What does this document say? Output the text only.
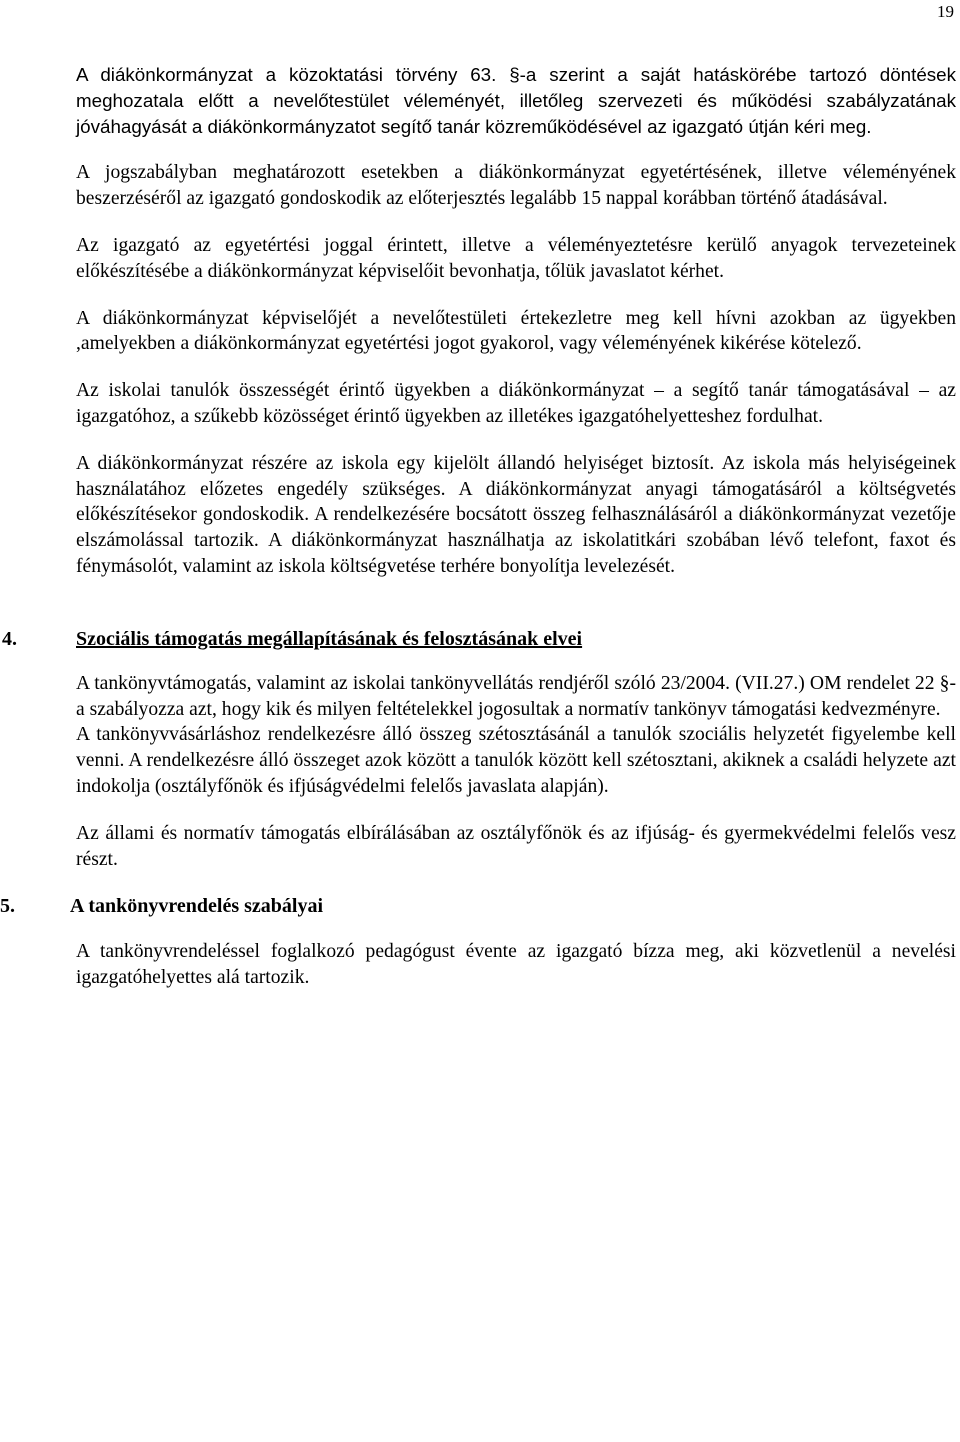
19

A diákönkormányzat a közoktatási törvény 63. §-a szerint a saját hatáskörébe tartozó döntések meghozatala előtt a nevelőtestület véleményét, illetőleg szervezeti és működési szabályzatának jóváhagyását a diákönkormányzatot segítő tanár közreműködésével az igazgató útján kéri meg.

A jogszabályban meghatározott esetekben a diákönkormányzat egyetértésének, illetve véleményének beszerzéséről az igazgató gondoskodik az előterjesztés legalább 15 nappal korábban történő átadásával.

Az igazgató az egyetértési joggal érintett, illetve a véleményeztetésre kerülő anyagok tervezeteinek előkészítésébe a diákönkormányzat képviselőit bevonhatja, tőlük javaslatot kérhet.

A diákönkormányzat képviselőjét a nevelőtestületi értekezletre meg kell hívni azokban az ügyekben ,amelyekben a diákönkormányzat egyetértési jogot gyakorol, vagy véleményének kikérése kötelező.

Az iskolai tanulók összességét érintő ügyekben a diákönkormányzat – a segítő tanár támogatásával – az igazgatóhoz, a szűkebb közösséget érintő ügyekben az illetékes igazgatóhelyetteshez fordulhat.

A diákönkormányzat részére az iskola egy kijelölt állandó helyiséget biztosít. Az iskola más helyiségeinek használatához előzetes engedély szükséges. A diákönkormányzat anyagi támogatásáról a költségvetés előkészítésekor gondoskodik. A rendelkezésére bocsátott összeg felhasználásáról a diákönkormányzat vezetője elszámolással tartozik. A diákönkormányzat használhatja az iskolatitkári szobában lévő telefont, faxot és fénymásolót, valamint az iskola költségvetése terhére bonyolítja levelezését.

4.	Szociális támogatás megállapításának és felosztásának elvei

A tankönyvtámogatás, valamint az iskolai tankönyvellátás rendjéről szóló 23/2004. (VII.27.) OM rendelet 22 §-a szabályozza azt, hogy kik és milyen feltételekkel jogosultak a normatív tankönyv támogatási kedvezményre.

A tankönyvvásárláshoz rendelkezésre álló összeg szétosztásánál a tanulók szociális helyzetét figyelembe kell venni. A rendelkezésre álló összeget azok között a tanulók között kell szétosztani, akiknek a családi helyzete azt indokolja (osztályfőnök és ifjúságvédelmi felelős javaslata alapján).

Az állami és normatív támogatás elbírálásában az osztályfőnök és az ifjúság- és gyermekvédelmi felelős vesz részt.

5.	A tankönyvrendelés szabályai

A tankönyvrendeléssel foglalkozó pedagógust évente az igazgató bízza meg, aki közvetlenül a nevelési igazgatóhelyettes alá tartozik.
